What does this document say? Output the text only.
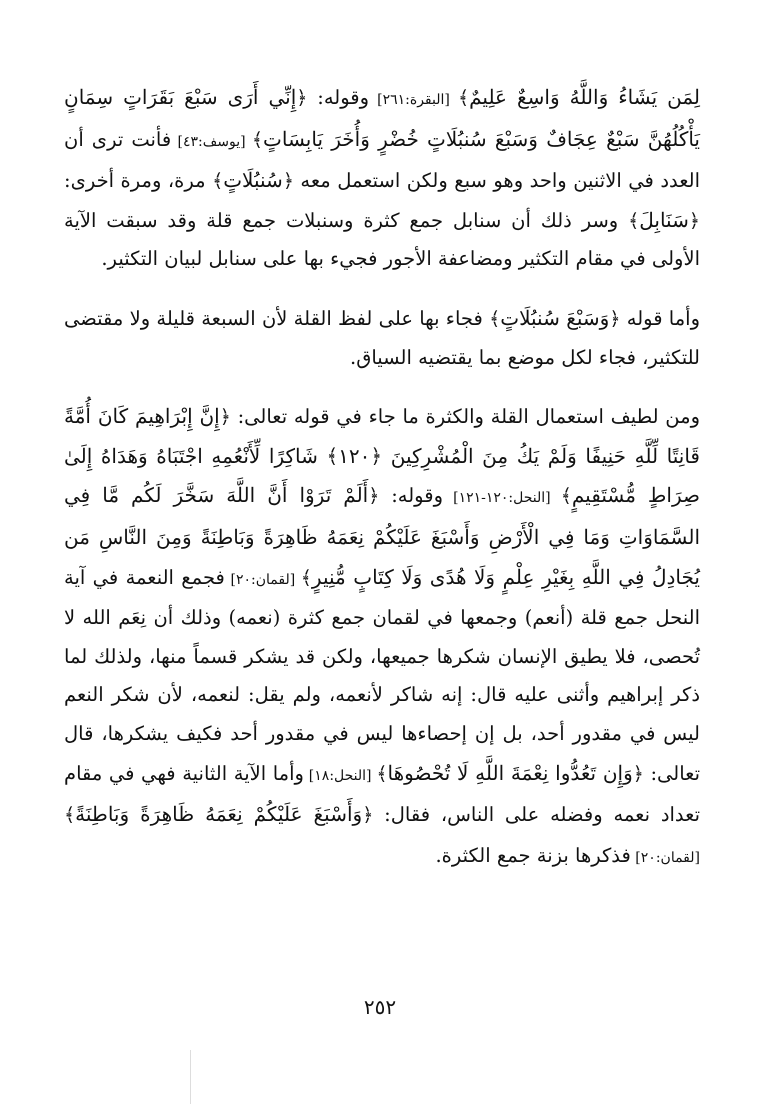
لِمَن يَشَاءُ وَاللَّهُ وَاسِعٌ عَلِيمٌ﴾ [البقرة:٢٦١] وقوله: ﴿إِنِّي أَرَى سَبْعَ بَقَرَاتٍ سِمَانٍ يَأْكُلُهُنَّ سَبْعٌ عِجَافٌ وَسَبْعَ سُنبُلَاتٍ خُضْرٍ وَأُخَرَ يَابِسَاتٍ﴾ [يوسف:٤٣] فأنت ترى أن العدد في الاثنين واحد وهو سبع ولكن استعمل معه ﴿سُنبُلَاتٍ﴾ مرة، ومرة أخرى: ﴿سَنَابِلَ﴾ وسر ذلك أن سنابل جمع كثرة وسنبلات جمع قلة وقد سبقت الآية الأولى في مقام التكثير ومضاعفة الأجور فجيء بها على سنابل لبيان التكثير.

وأما قوله ﴿وَسَبْعَ سُنبُلَاتٍ﴾ فجاء بها على لفظ القلة لأن السبعة قليلة ولا مقتضى للتكثير، فجاء لكل موضع بما يقتضيه السياق.

ومن لطيف استعمال القلة والكثرة ما جاء في قوله تعالى: ﴿إِنَّ إِبْرَاهِيمَ كَانَ أُمَّةً قَانِتًا لِّلَّهِ حَنِيفًا وَلَمْ يَكُ مِنَ الْمُشْرِكِينَ ﴿١٢٠﴾ شَاكِرًا لِّأَنْعُمِهِ اجْتَبَاهُ وَهَدَاهُ إِلَىٰ صِرَاطٍ مُّسْتَقِيمٍ﴾ [النحل:١٢٠-١٢١] وقوله: ﴿أَلَمْ تَرَوْا أَنَّ اللَّهَ سَخَّرَ لَكُم مَّا فِي السَّمَاوَاتِ وَمَا فِي الْأَرْضِ وَأَسْبَغَ عَلَيْكُمْ نِعَمَهُ ظَاهِرَةً وَبَاطِنَةً وَمِنَ النَّاسِ مَن يُجَادِلُ فِي اللَّهِ بِغَيْرِ عِلْمٍ وَلَا هُدًى وَلَا كِتَابٍ مُّنِيرٍ﴾ [لقمان:٢٠] فجمع النعمة في آية النحل جمع قلة (أنعم) وجمعها في لقمان جمع كثرة (نعمه) وذلك أن نِعَم الله لا تُحصى، فلا يطيق الإنسان شكرها جميعها، ولكن قد يشكر قسماً منها، ولذلك لما ذكر إبراهيم وأثنى عليه قال: إنه شاكر لأنعمه، ولم يقل: لنعمه، لأن شكر النعم ليس في مقدور أحد، بل إن إحصاءها ليس في مقدور أحد فكيف يشكرها، قال تعالى: ﴿وَإِن تَعُدُّوا نِعْمَةَ اللَّهِ لَا تُحْصُوهَا﴾ [النحل:١٨] وأما الآية الثانية فهي في مقام تعداد نعمه وفضله على الناس، فقال: ﴿وَأَسْبَغَ عَلَيْكُمْ نِعَمَهُ ظَاهِرَةً وَبَاطِنَةً﴾ [لقمان:٢٠] فذكرها بزنة جمع الكثرة.

٢٥٢
